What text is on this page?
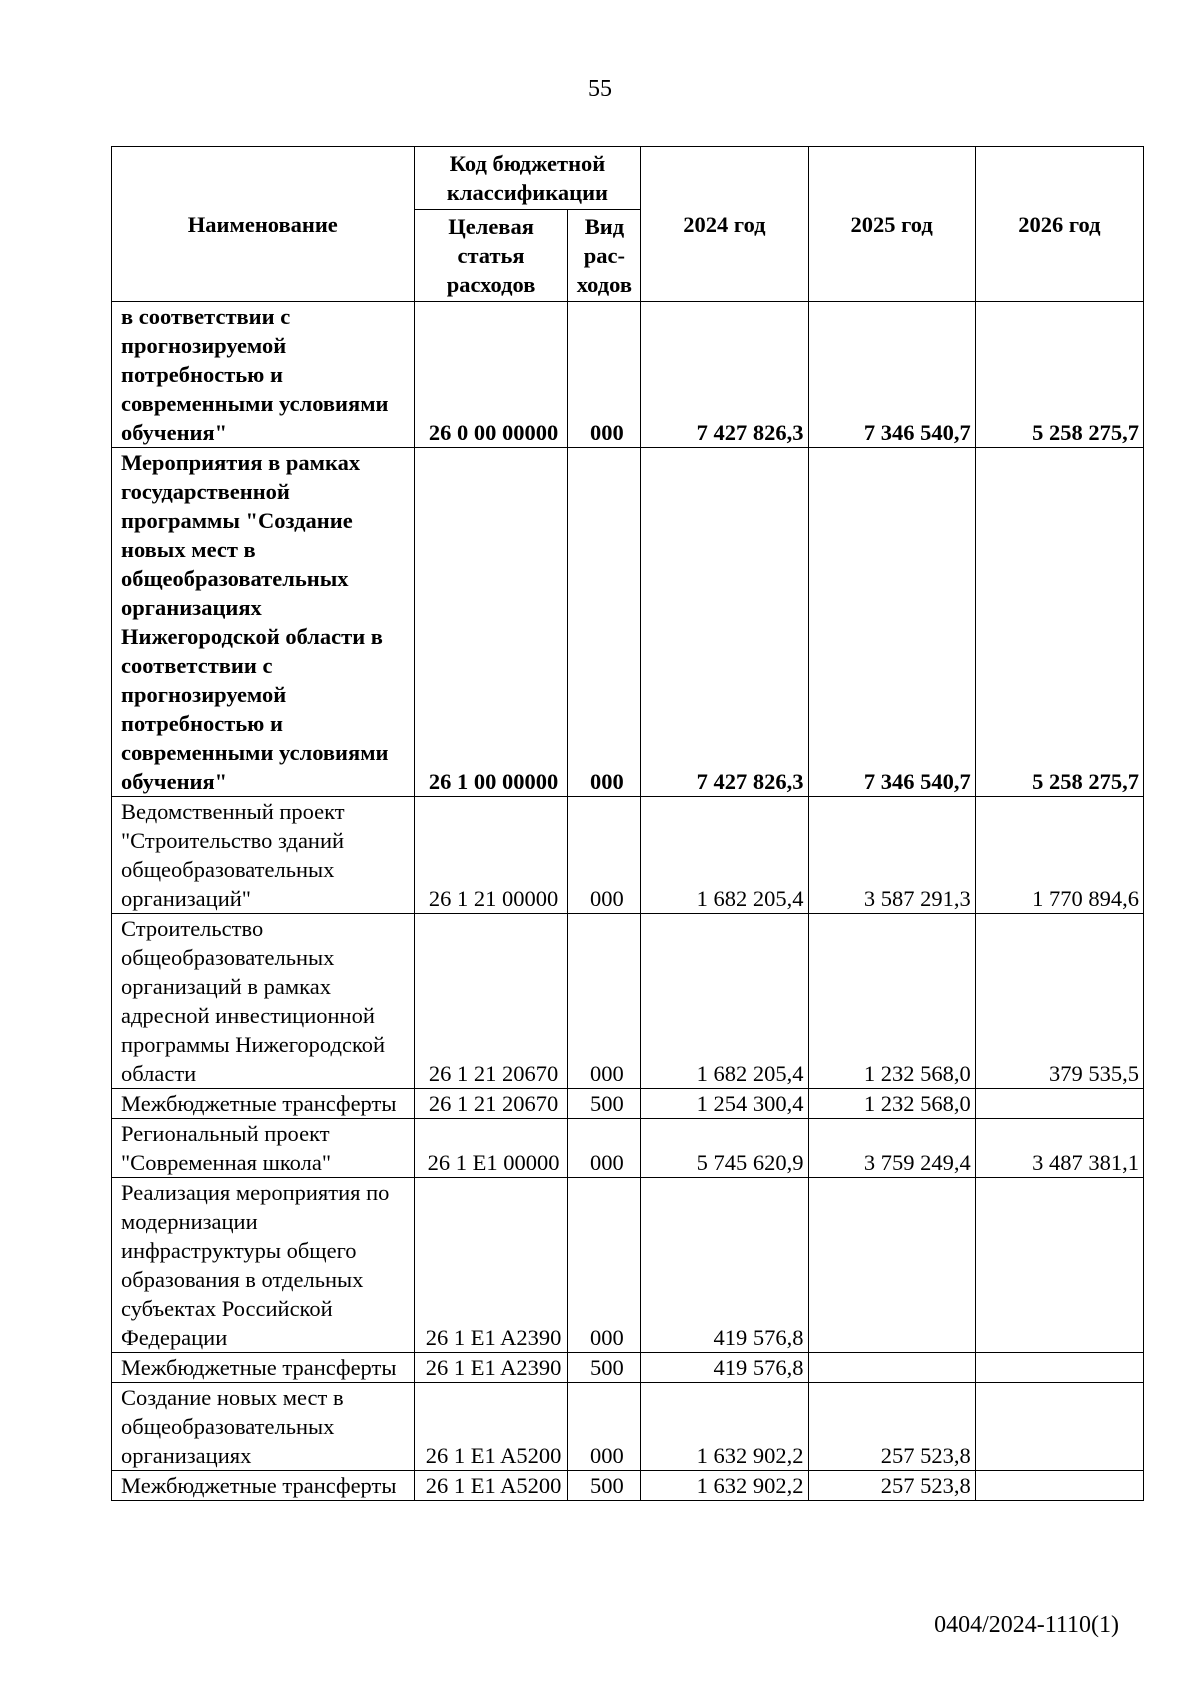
55
Наименование	Код бюджетной классификации		2024 год	2025 год	2026 год
	Целевая статья расходов	Вид рас-ходов			
в соответствии с прогнозируемой потребностью и современными условиями обучения"	26 0 00 00000	000	7 427 826,3	7 346 540,7	5 258 275,7
Мероприятия в рамках государственной программы "Создание новых мест в общеобразовательных организациях Нижегородской области в соответствии с прогнозируемой потребностью и современными условиями обучения"	26 1 00 00000	000	7 427 826,3	7 346 540,7	5 258 275,7
Ведомственный проект "Строительство зданий общеобразовательных организаций"	26 1 21 00000	000	1 682 205,4	3 587 291,3	1 770 894,6
Строительство общеобразовательных организаций в рамках адресной инвестиционной программы Нижегородской области	26 1 21 20670	000	1 682 205,4	1 232 568,0	379 535,5
Межбюджетные трансферты	26 1 21 20670	500	1 254 300,4	1 232 568,0	
Региональный проект "Современная школа"	26 1 E1 00000	000	5 745 620,9	3 759 249,4	3 487 381,1
Реализация мероприятия по модернизации инфраструктуры общего образования в отдельных субъектах Российской Федерации	26 1 E1 A2390	000	419 576,8		
Межбюджетные трансферты	26 1 E1 A2390	500	419 576,8		
Создание новых мест в общеобразовательных организациях	26 1 E1 A5200	000	1 632 902,2	257 523,8	
Межбюджетные трансферты	26 1 E1 A5200	500	1 632 902,2	257 523,8	
0404/2024-1110(1)
